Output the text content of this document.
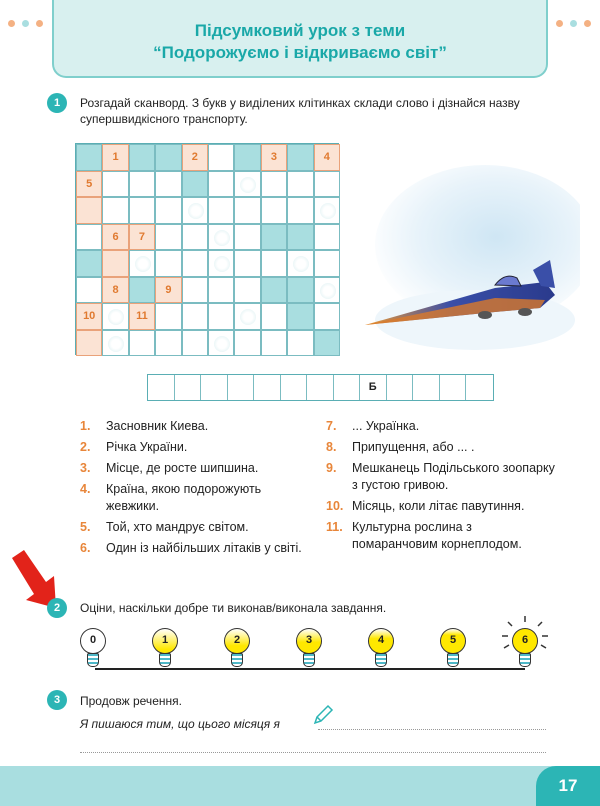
Підсумковий урок з теми
“Подорожуємо і відкриваємо світ”
1	Розгадай сканворд. З букв у виділених клітинках склади слово і дізнайся назву супершвидкісного транспорту.
1	2	3	4
5
6	7
8	9
10	11
Б
1. Засновник Киева.
2. Річка України.
3. Місце, де росте шипшина.
4. Країна, якою подорожують жевжики.
5. Той, хто мандрує світом.
6. Один із найбільших літаків у світі.
7. ... Українка.
8. Припущення, або ... .
9. Мешканець Подільського зоопарку з густою гривою.
10. Місяць, коли літає павутиння.
11. Культурна рослина з помаранчовим корнеплодом.
2	Оціни, наскільки добре ти виконав/виконала завдання.
0	1	2	3	4	5	6
3	Продовж речення.
Я пишаюся тим, що цього місяця я
17
